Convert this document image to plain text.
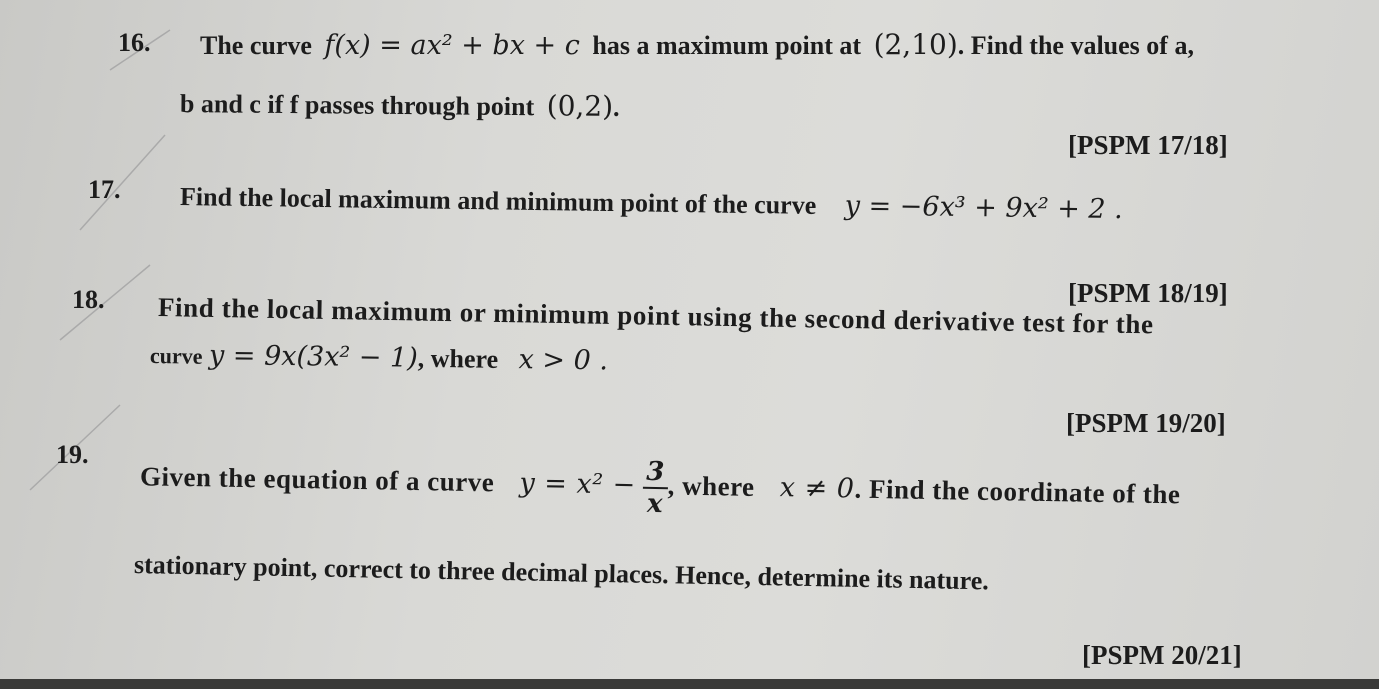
16. The curve f(x) = ax² + bx + c has a maximum point at (2,10). Find the values of a,
b and c if f passes through point (0,2).
[PSPM 17/18]
17. Find the local maximum and minimum point of the curve y = −6x³ + 9x² + 2 .
[PSPM 18/19]
18. Find the local maximum or minimum point using the second derivative test for the
curve y = 9x(3x² − 1), where x > 0 .
[PSPM 19/20]
19.
Given the equation of a curve $y = x^2 - \frac{3}{x}$ , where x ≠ 0. Find the coordinate of the
stationary point, correct to three decimal places. Hence, determine its nature.
[PSPM 20/21]
